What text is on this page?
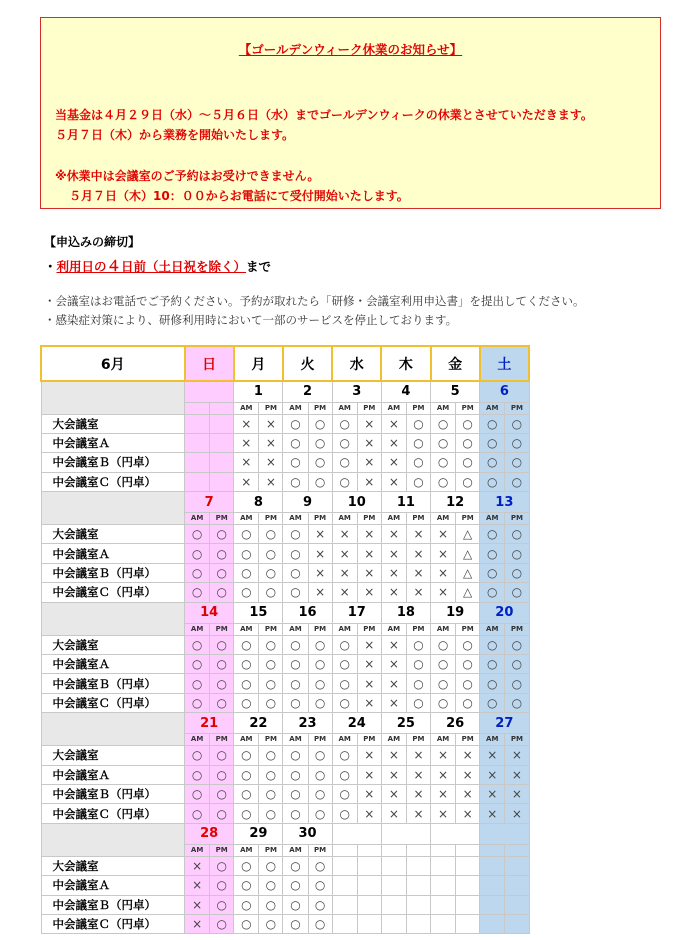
【ゴールデンウィーク休業のお知らせ】
当基金は４月２９日（水）～５月６日（水）までゴールデンウィークの休業とさせていただきます。
５月７日（木）から業務を開始いたします。
※休業中は会議室のご予約はお受けできません。
５月７日（木）10：００からお電話にて受付開始いたします。
【申込みの締切】
・利用日の４日前（土日祝を除く）まで
・会議室はお電話でご予約ください。予約が取れたら「研修・会議室利用申込書」を提出してください。
・感染症対策により、研修利用時において一部のサービスを停止しております。
6月	日		月		火		水		木		金		土	
			1		2		3		4		5		6	
			AM	PM	AM	PM	AM	PM	AM	PM	AM	PM	AM	PM
大会議室			×	×	○	○	○	×	×	○	○	○	○	○
中会議室Ａ			×	×	○	○	○	×	×	○	○	○	○	○
中会議室Ｂ（円卓）			×	×	○	○	○	×	×	○	○	○	○	○
中会議室Ｃ（円卓）			×	×	○	○	○	×	×	○	○	○	○	○
	7		8		9		10		11		12		13	
	AM	PM	AM	PM	AM	PM	AM	PM	AM	PM	AM	PM	AM	PM
大会議室	○	○	○	○	○	×	×	×	×	×	×	△	○	○
中会議室Ａ	○	○	○	○	○	×	×	×	×	×	×	△	○	○
中会議室Ｂ（円卓）	○	○	○	○	○	×	×	×	×	×	×	△	○	○
中会議室Ｃ（円卓）	○	○	○	○	○	×	×	×	×	×	×	△	○	○
	14		15		16		17		18		19		20	
	AM	PM	AM	PM	AM	PM	AM	PM	AM	PM	AM	PM	AM	PM
大会議室	○	○	○	○	○	○	○	×	×	○	○	○	○	○
中会議室Ａ	○	○	○	○	○	○	○	×	×	○	○	○	○	○
中会議室Ｂ（円卓）	○	○	○	○	○	○	○	×	×	○	○	○	○	○
中会議室Ｃ（円卓）	○	○	○	○	○	○	○	×	×	○	○	○	○	○
	21		22		23		24		25		26		27	
	AM	PM	AM	PM	AM	PM	AM	PM	AM	PM	AM	PM	AM	PM
大会議室	○	○	○	○	○	○	○	×	×	×	×	×	×	×
中会議室Ａ	○	○	○	○	○	○	○	×	×	×	×	×	×	×
中会議室Ｂ（円卓）	○	○	○	○	○	○	○	×	×	×	×	×	×	×
中会議室Ｃ（円卓）	○	○	○	○	○	○	○	×	×	×	×	×	×	×
	28		29		30									
	AM	PM	AM	PM	AM	PM								
大会議室	×	○	○	○	○	○								
中会議室Ａ	×	○	○	○	○	○								
中会議室Ｂ（円卓）	×	○	○	○	○	○								
中会議室Ｃ（円卓）	×	○	○	○	○	○								
